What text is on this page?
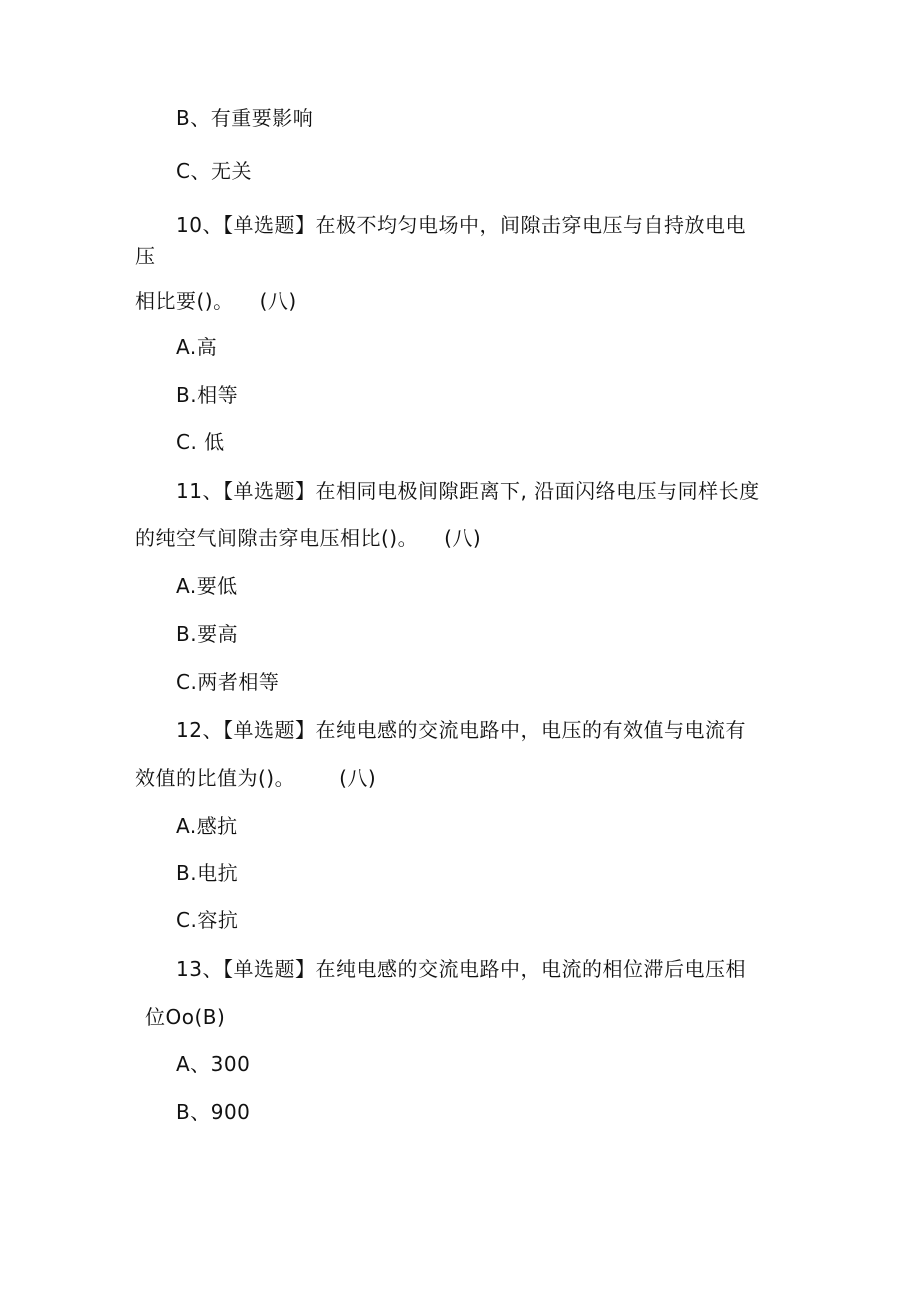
B、有重要影响
C、无关
10、【单选题】在极不均匀电场中，间隙击穿电压与自持放电电
压
相比要()。 (八)
A.高
B.相等
C. 低
11、【单选题】在相同电极间隙距离下, 沿面闪络电压与同样长度
的纯空气间隙击穿电压相比()。 (八)
A.要低
B.要高
C.两者相等
12、【单选题】在纯电感的交流电路中，电压的有效值与电流有
效值的比值为()。 (八)
A.感抗
B.电抗
C.容抗
13、【单选题】在纯电感的交流电路中，电流的相位滞后电压相
位Oo(B)
A、300
B、900
